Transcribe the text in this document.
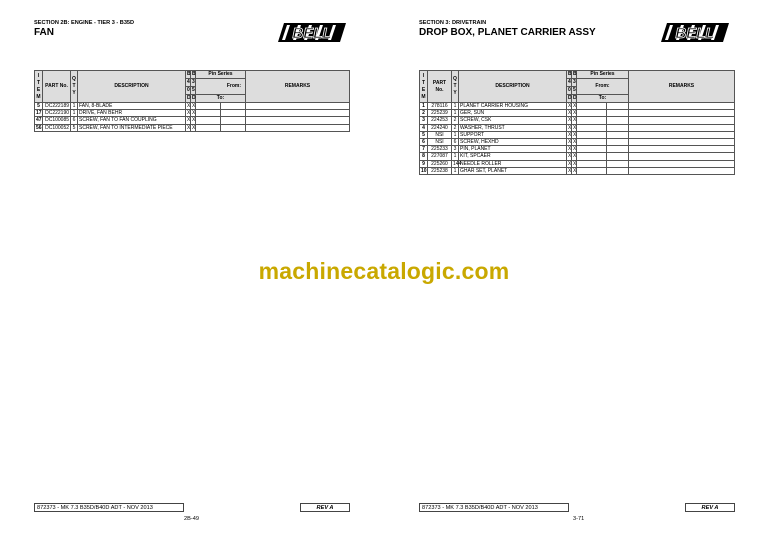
SECTION 2B: ENGINE - TIER 3 - B35D
FAN	BELL
I
T
E
M	PART No.	Q
T
Y	DESCRIPTION	B	B	Pin Series		REMARKS
				4	3	From:		
				0	5			
				D	D	To:		
5	DC222189	1	FAN, 8-BLADE	X	X			
17	DC222190	1	DRIVE, FAN BEHR	X	X			
47	DC100085	6	SCREW, FAN TO FAN COUPLING	X	X			
56	DC100052	5	SCREW, FAN TO INTERMEDIATE PIECE	X	X			
872373 - MK 7.3 B35D/B40D ADT - NOV 2013	REV A
2B-49
SECTION 3: DRIVETRAIN
DROP BOX, PLANET CARRIER ASSY	BELL
I
T
E
M	PART
No.	Q
T
Y	DESCRIPTION	B	B	Pin Series		REMARKS
				4	3	From:		
				0	5			
				D	D	To:		
1	278116	1	PLANET CARRIER HOUSING	X	X			
2	225239	1	GER, SUN	X	X			
3	224253	2	SCREW, CSK	X	X			
4	224240	2	WASHER, THRUST	X	X			
5	NSI	1	SUPPORT	X	X			
6	NSI	6	SCREW, HEXHD	X	X			
7	225233	3	PIN, PLANET	X	X			
8	227087	1	KIT, SPCAER	X	X			
9	225260	144	NEEDLE ROLLER	X	X			
10	225238	1	GHAR SET, PLANET	X	X			
872373 - MK 7.3 B35D/B40D ADT - NOV 2013	REV A
3-71
machinecatalogic.com
